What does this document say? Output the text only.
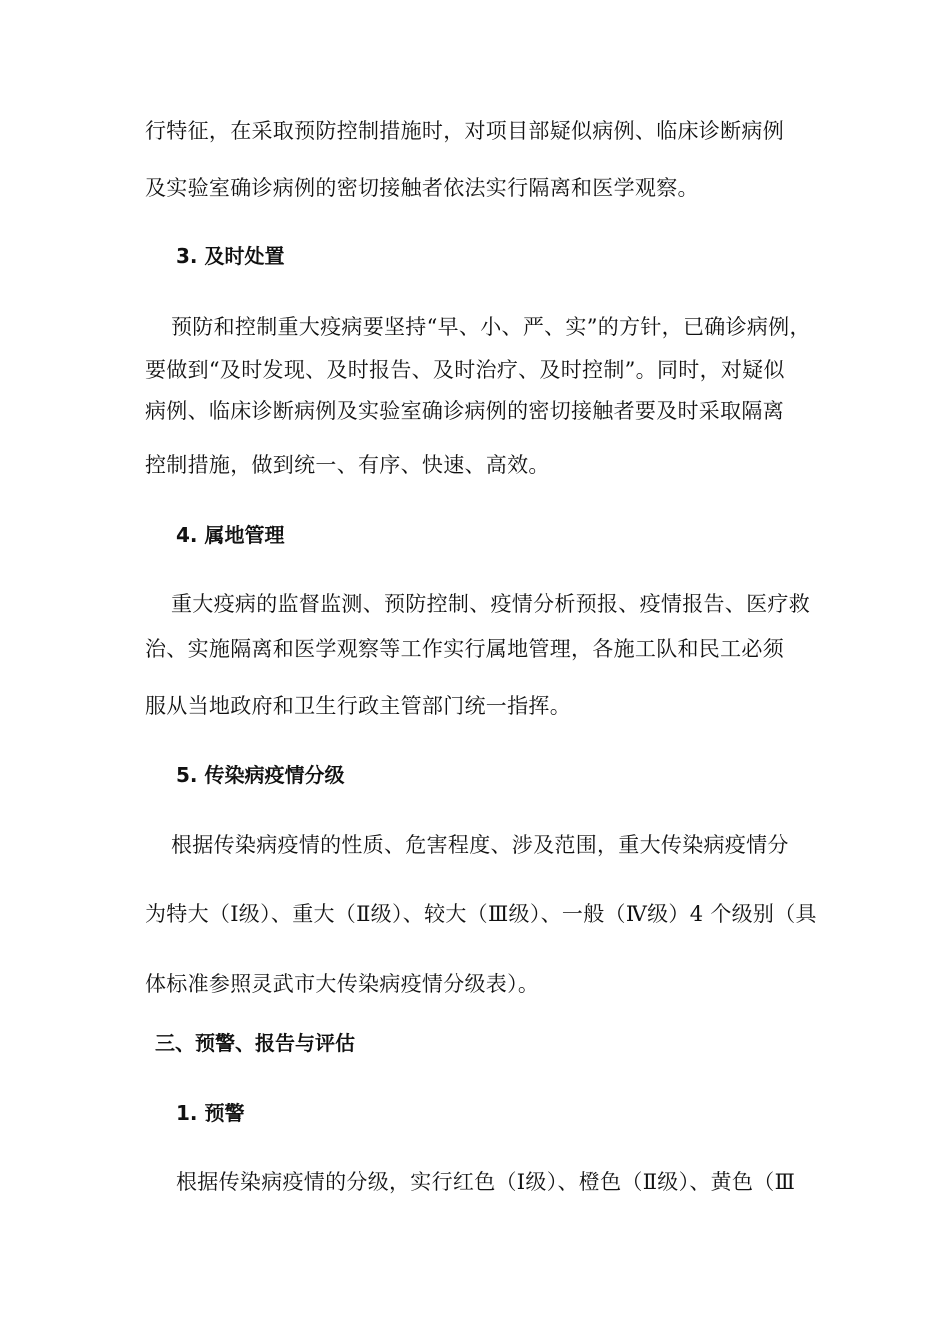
行特征，在采取预防控制措施时，对项目部疑似病例、临床诊断病例

及实验室确诊病例的密切接触者依法实行隔离和医学观察。

3. 及时处置

预防和控制重大疫病要坚持“早、小、严、实”的方针，已确诊病例，

要做到“及时发现、及时报告、及时治疗、及时控制”。同时，对疑似

病例、临床诊断病例及实验室确诊病例的密切接触者要及时采取隔离

控制措施，做到统一、有序、快速、高效。

4. 属地管理

重大疫病的监督监测、预防控制、疫情分析预报、疫情报告、医疗救

治、实施隔离和医学观察等工作实行属地管理，各施工队和民工必须

服从当地政府和卫生行政主管部门统一指挥。

5. 传染病疫情分级

根据传染病疫情的性质、危害程度、涉及范围，重大传染病疫情分

为特大（Ⅰ级）、重大（Ⅱ级）、较大（Ⅲ级）、一般（Ⅳ级）4 个级别（具

体标准参照灵武市大传染病疫情分级表）。

三、预警、报告与评估
1. 预警

根据传染病疫情的分级，实行红色（Ⅰ级）、橙色（Ⅱ级）、黄色（Ⅲ
